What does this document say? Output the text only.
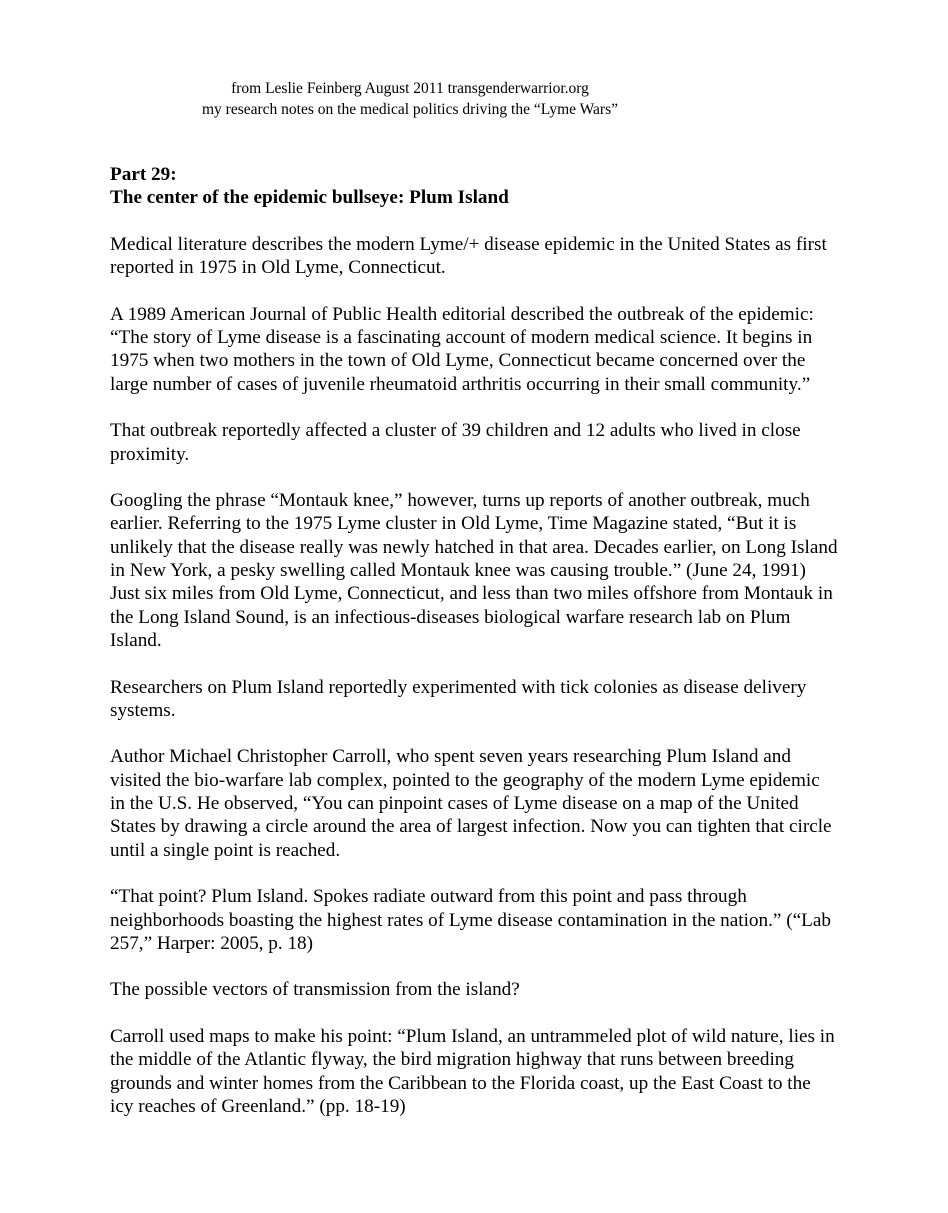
from Leslie Feinberg August 2011 transgenderwarrior.org
my research notes on the medical politics driving the “Lyme Wars”
Part 29:
The center of the epidemic bullseye: Plum Island

Medical literature describes the modern Lyme/+ disease epidemic in the United States as first reported in 1975 in Old Lyme, Connecticut.

A 1989 American Journal of Public Health editorial described the outbreak of the epidemic: “The story of Lyme disease is a fascinating account of modern medical science. It begins in 1975 when two mothers in the town of Old Lyme, Connecticut became concerned over the large number of cases of juvenile rheumatoid arthritis occurring in their small community.”

That outbreak reportedly affected a cluster of 39 children and 12 adults who lived in close proximity.

Googling the phrase “Montauk knee,” however, turns up reports of another outbreak, much earlier. Referring to the 1975 Lyme cluster in Old Lyme, Time Magazine stated, “But it is unlikely that the disease really was newly hatched in that area. Decades earlier, on Long Island in New York, a pesky swelling called Montauk knee was causing trouble.” (June 24, 1991)

Just six miles from Old Lyme, Connecticut, and less than two miles offshore from Montauk in the Long Island Sound, is an infectious-diseases biological warfare research lab on Plum Island.

Researchers on Plum Island reportedly experimented with tick colonies as disease delivery systems.

Author Michael Christopher Carroll, who spent seven years researching Plum Island and visited the bio-warfare lab complex, pointed to the geography of the modern Lyme epidemic in the U.S. He observed, “You can pinpoint cases of Lyme disease on a map of the United States by drawing a circle around the area of largest infection. Now you can tighten that circle until a single point is reached.

“That point? Plum Island. Spokes radiate outward from this point and pass through neighborhoods boasting the highest rates of Lyme disease contamination in the nation.” (“Lab 257,” Harper: 2005, p. 18)

The possible vectors of transmission from the island?

Carroll used maps to make his point: “Plum Island, an untrammeled plot of wild nature, lies in the middle of the Atlantic flyway, the bird migration highway that runs between breeding grounds and winter homes from the Caribbean to the Florida coast, up the East Coast to the icy reaches of Greenland.” (pp. 18-19)
